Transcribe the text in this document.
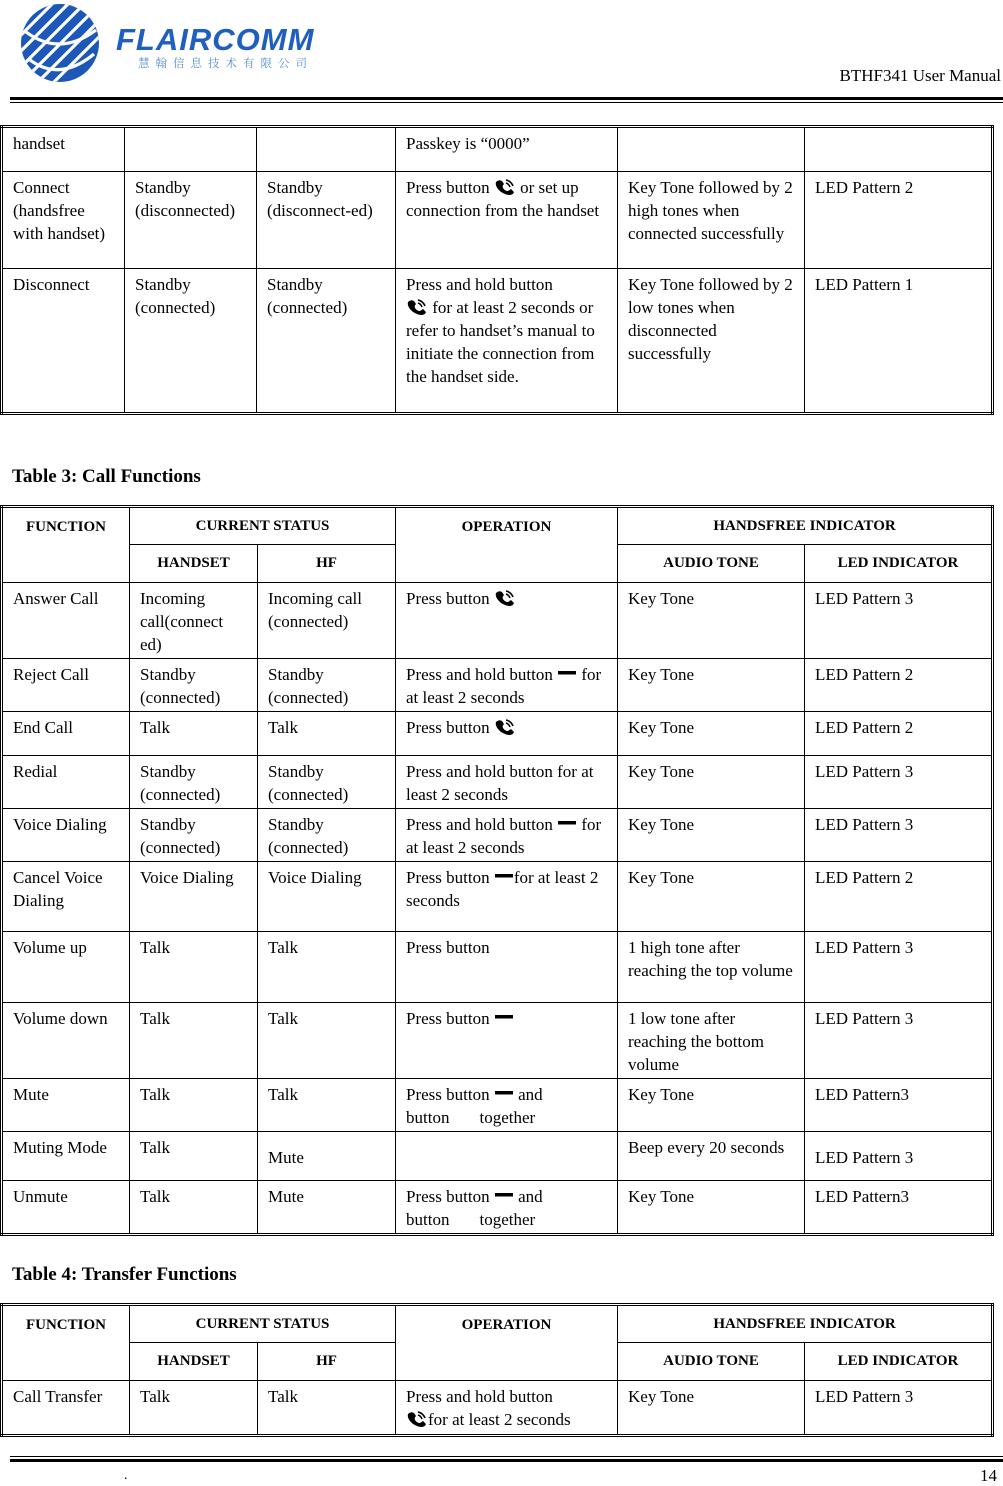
FLAIRCOMM
慧翰信息技术有限公司
BTHF341 User Manual
handset			Passkey is “0000”		
Connect (handsfree with handset)	Standby (disconnected)	Standby (disconnect-ed)	Press button or set up connection from the handset	Key Tone followed by 2 high tones when connected successfully	LED Pattern 2
Disconnect	Standby (connected)	Standby (connected)	Press and hold button
for at least 2 seconds or refer to handset’s manual to initiate the connection from the handset side.	Key Tone followed by 2 low tones when disconnected successfully	LED Pattern 1
Table 3: Call Functions
FUNCTION	CURRENT STATUS		OPERATION	HANDSFREE INDICATOR	
	HANDSET	HF		AUDIO TONE	LED INDICATOR
Answer Call	Incoming call(connect ed)	Incoming call (connected)	Press button	Key Tone	LED Pattern 3
Reject Call	Standby (connected)	Standby (connected)	Press and hold button for at least 2 seconds	Key Tone	LED Pattern 2
End Call	Talk	Talk	Press button	Key Tone	LED Pattern 2
Redial	Standby (connected)	Standby (connected)	Press and hold button for at least 2 seconds	Key Tone	LED Pattern 3
Voice Dialing	Standby (connected)	Standby (connected)	Press and hold button for at least 2 seconds	Key Tone	LED Pattern 3
Cancel Voice Dialing	Voice Dialing	Voice Dialing	Press button for at least 2 seconds	Key Tone	LED Pattern 2
Volume up	Talk	Talk	Press button	1 high tone after reaching the top volume	LED Pattern 3
Volume down	Talk	Talk	Press button	1 low tone after reaching the bottom volume	LED Pattern 3
Mute	Talk	Talk	Press button and
button together	Key Tone	LED Pattern3
Muting Mode	Talk	Mute		Beep every 20 seconds	LED Pattern 3
Unmute	Talk	Mute	Press button and
button together	Key Tone	LED Pattern3
Table 4: Transfer Functions
FUNCTION	CURRENT STATUS		OPERATION	HANDSFREE INDICATOR	
	HANDSET	HF		AUDIO TONE	LED INDICATOR
Call Transfer	Talk	Talk	Press and hold button
for at least 2 seconds	Key Tone	LED Pattern 3
.	14
